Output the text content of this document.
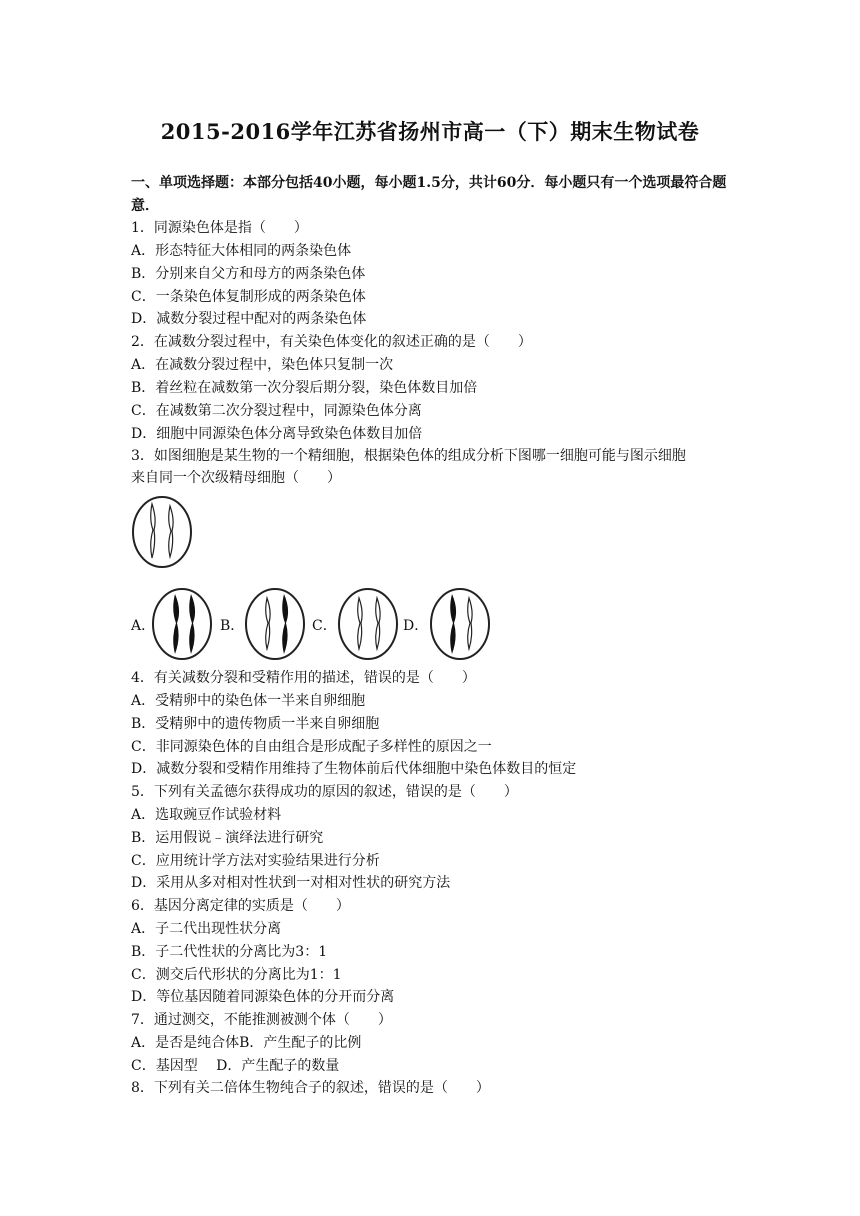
2015-2016学年江苏省扬州市高一（下）期末生物试卷
一、单项选择题：本部分包括40小题，每小题1.5分，共计60分．每小题只有一个选项最符合题意．
1．同源染色体是指（　　）
A．形态特征大体相同的两条染色体
B．分别来自父方和母方的两条染色体
C．一条染色体复制形成的两条染色体
D．减数分裂过程中配对的两条染色体
2．在减数分裂过程中，有关染色体变化的叙述正确的是（　　）
A．在减数分裂过程中，染色体只复制一次
B．着丝粒在减数第一次分裂后期分裂，染色体数目加倍
C．在减数第二次分裂过程中，同源染色体分离
D．细胞中同源染色体分离导致染色体数目加倍
3．如图细胞是某生物的一个精细胞，根据染色体的组成分析下图哪一细胞可能与图示细胞
来自同一个次级精母细胞（　　）
A．	B．	C．	D．
4．有关减数分裂和受精作用的描述，错误的是（　　）
A．受精卵中的染色体一半来自卵细胞
B．受精卵中的遗传物质一半来自卵细胞
C．非同源染色体的自由组合是形成配子多样性的原因之一
D．减数分裂和受精作用维持了生物体前后代体细胞中染色体数目的恒定
5．下列有关孟德尔获得成功的原因的叙述，错误的是（　　）
A．选取豌豆作试验材料
B．运用假说﹣演绎法进行研究
C．应用统计学方法对实验结果进行分析
D．采用从多对相对性状到一对相对性状的研究方法
6．基因分离定律的实质是（　　）
A．子二代出现性状分离
B．子二代性状的分离比为3：1
C．测交后代形状的分离比为1：1
D．等位基因随着同源染色体的分开而分离
7．通过测交，不能推测被测个体（　　）
A．是否是纯合体B．产生配子的比例
C．基因型　 D．产生配子的数量
8．下列有关二倍体生物纯合子的叙述，错误的是（　　）
